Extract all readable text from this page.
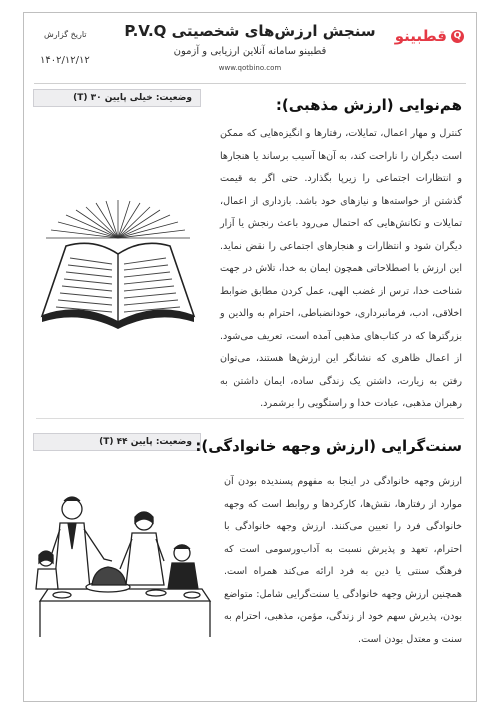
Q
قطبینو
سنجش ارزش‌های شخصیتی P.V.Q
قطبینو سامانه آنلاین ارزیابی و آزمون
www.qotbino.com
تاریخ گزارش
۱۴۰۲/۱۲/۱۲
وضعیت: خیلی پایین ۳۰ (T)	هم‌نوایی (ارزش مذهبی):
کنترل و مهار اعمال، تمایلات، رفتارها و انگیزه‌هایی که ممکن است دیگران را ناراحت کند، به آن‌ها آسیب برساند یا هنجارها و انتظارات اجتماعی را زیرپا بگذارد. حتی اگر به قیمت گذشتن از خواسته‌ها و نیازهای خود باشد. بازداری از اعمال، تمایلات و تکانش‌هایی که احتمال می‌رود باعث رنجش یا آزار دیگران شود و انتظارات و هنجارهای اجتماعی را نقض نماید. این ارزش با اصطلاحاتی همچون ایمان به خدا، تلاش در جهت شناخت خدا، ترس از غضب الهی، عمل کردن مطابق ضوابط اخلاقی، ادب، فرمانبرداری، خودانضباطی، احترام به والدین و بزرگترها که در کتاب‌های مذهبی آمده است، تعریف می‌شود. از اعمال ظاهری که نشانگر این ارزش‌ها هستند، می‌توان رفتن به زیارت، داشتن یک زندگی ساده، ایمان داشتن به رهبران مذهبی، عبادت خدا و راستگویی را برشمرد.
وضعیت: پایین ۴۴ (T) سنت‌گرایی (ارزش وجهه خانوادگی):
ارزش وجهه خانوادگی در اینجا به مفهوم پسندیده بودن آن موارد از رفتارها، نقش‌ها، کارکردها و روابط است که وجهه خانوادگی فرد را تعیین می‌کنند. ارزش وجهه خانوادگی با احترام، تعهد و پذیرش نسبت به آداب‌ورسومی است که فرهنگ سنتی یا دین به فرد ارائه می‌کند همراه است. همچنین ارزش وجهه خانوادگی یا سنت‌گرایی شامل: متواضع بودن، پذیرش سهم خود از زندگی، مؤمن، مذهبی، احترام به سنت و معتدل بودن است.
